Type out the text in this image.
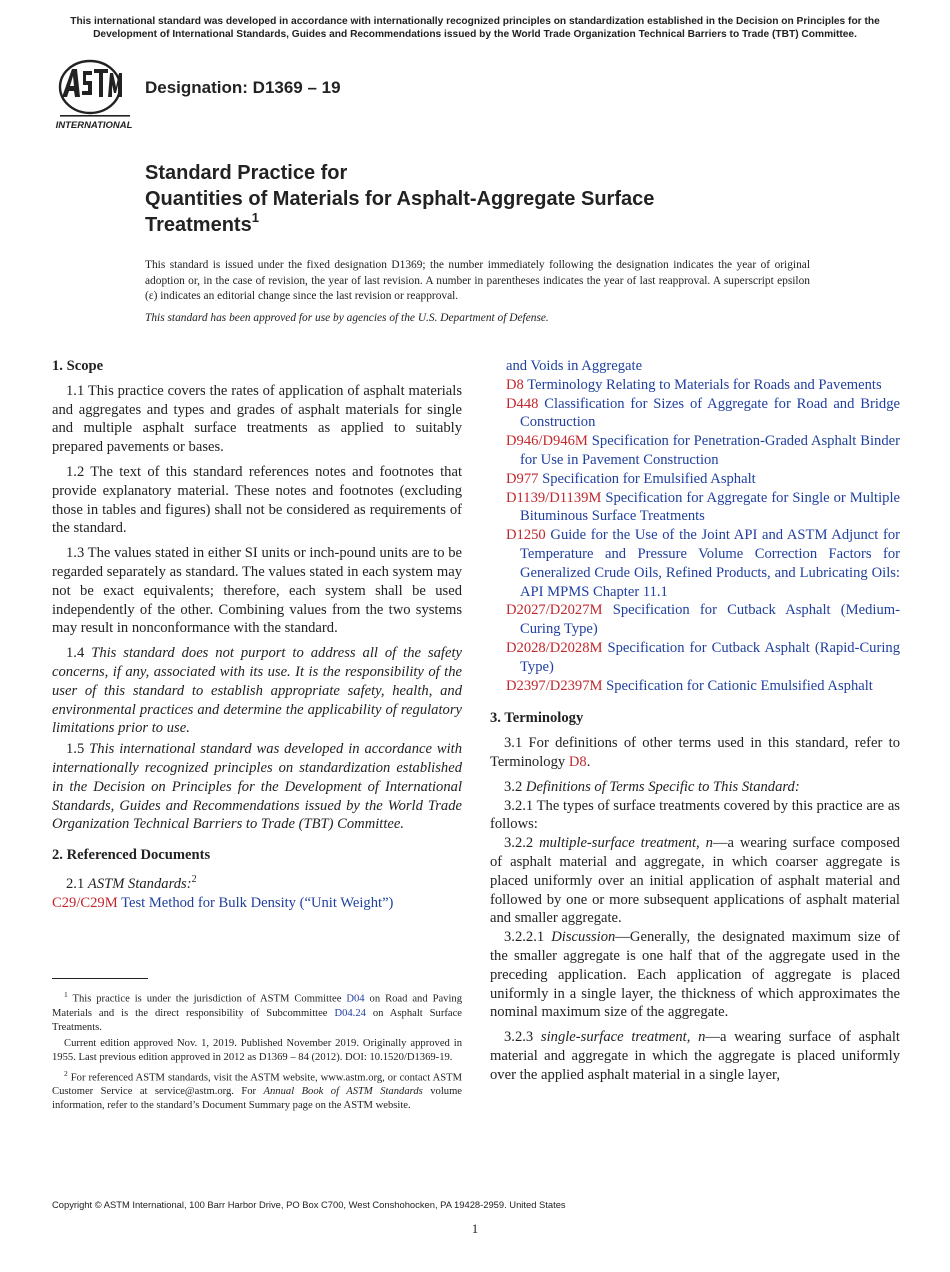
This international standard was developed in accordance with internationally recognized principles on standardization established in the Decision on Principles for the Development of International Standards, Guides and Recommendations issued by the World Trade Organization Technical Barriers to Trade (TBT) Committee.
INTERNATIONAL
Designation: D1369 – 19
Standard Practice for
Quantities of Materials for Asphalt-Aggregate Surface Treatments$^1$
This standard is issued under the fixed designation D1369; the number immediately following the designation indicates the year of original adoption or, in the case of revision, the year of last revision. A number in parentheses indicates the year of last reapproval. A superscript epsilon (ε) indicates an editorial change since the last revision or reapproval.
This standard has been approved for use by agencies of the U.S. Department of Defense.

1. Scope

1.1 This practice covers the rates of application of asphalt materials and aggregates and types and grades of asphalt materials for single and multiple asphalt surface treatments as applied to suitably prepared pavements or bases.

1.2 The text of this standard references notes and footnotes that provide explanatory material. These notes and footnotes (excluding those in tables and figures) shall not be considered as requirements of the standard.

1.3 The values stated in either SI units or inch-pound units are to be regarded separately as standard. The values stated in each system may not be exact equivalents; therefore, each system shall be used independently of the other. Combining values from the two systems may result in nonconformance with the standard.

1.4 This standard does not purport to address all of the safety concerns, if any, associated with its use. It is the responsibility of the user of this standard to establish appropriate safety, health, and environmental practices and determine the applicability of regulatory limitations prior to use.

1.5 This international standard was developed in accordance with internationally recognized principles on standardization established in the Decision on Principles for the Development of International Standards, Guides and Recommendations issued by the World Trade Organization Technical Barriers to Trade (TBT) Committee.

2. Referenced Documents

2.1 ASTM Standards:$^2$

C29/C29M Test Method for Bulk Density (“Unit Weight”)

$^1$ This practice is under the jurisdiction of ASTM Committee D04 on Road and Paving Materials and is the direct responsibility of Subcommittee D04.24 on Asphalt Surface Treatments.

Current edition approved Nov. 1, 2019. Published November 2019. Originally approved in 1955. Last previous edition approved in 2012 as D1369 – 84 (2012). DOI: 10.1520/D1369-19.

$^2$ For referenced ASTM standards, visit the ASTM website, www.astm.org, or contact ASTM Customer Service at service@astm.org. For Annual Book of ASTM Standards volume information, refer to the standard’s Document Summary page on the ASTM website.

and Voids in Aggregate

D8 Terminology Relating to Materials for Roads and Pavements

D448 Classification for Sizes of Aggregate for Road and Bridge Construction

D946/D946M Specification for Penetration-Graded Asphalt Binder for Use in Pavement Construction

D977 Specification for Emulsified Asphalt

D1139/D1139M Specification for Aggregate for Single or Multiple Bituminous Surface Treatments

D1250 Guide for the Use of the Joint API and ASTM Adjunct for Temperature and Pressure Volume Correction Factors for Generalized Crude Oils, Refined Products, and Lubricating Oils: API MPMS Chapter 11.1

D2027/D2027M Specification for Cutback Asphalt (Medium-Curing Type)

D2028/D2028M Specification for Cutback Asphalt (Rapid-Curing Type)

D2397/D2397M Specification for Cationic Emulsified Asphalt

3. Terminology

3.1 For definitions of other terms used in this standard, refer to Terminology D8.

3.2 Definitions of Terms Specific to This Standard:

3.2.1 The types of surface treatments covered by this practice are as follows:

3.2.2 multiple-surface treatment, n—a wearing surface composed of asphalt material and aggregate, in which coarser aggregate is placed uniformly over an initial application of asphalt material and followed by one or more subsequent applications of asphalt material and smaller aggregate.

3.2.2.1 Discussion—Generally, the designated maximum size of the smaller aggregate is one half that of the aggregate used in the preceding application. Each application of aggregate is placed uniformly in a single layer, the thickness of which approximates the nominal maximum size of the aggregate.

3.2.3 single-surface treatment, n—a wearing surface of asphalt material and aggregate in which the aggregate is placed uniformly over the applied asphalt material in a single layer,

Copyright © ASTM International, 100 Barr Harbor Drive, PO Box C700, West Conshohocken, PA 19428-2959. United States
1
